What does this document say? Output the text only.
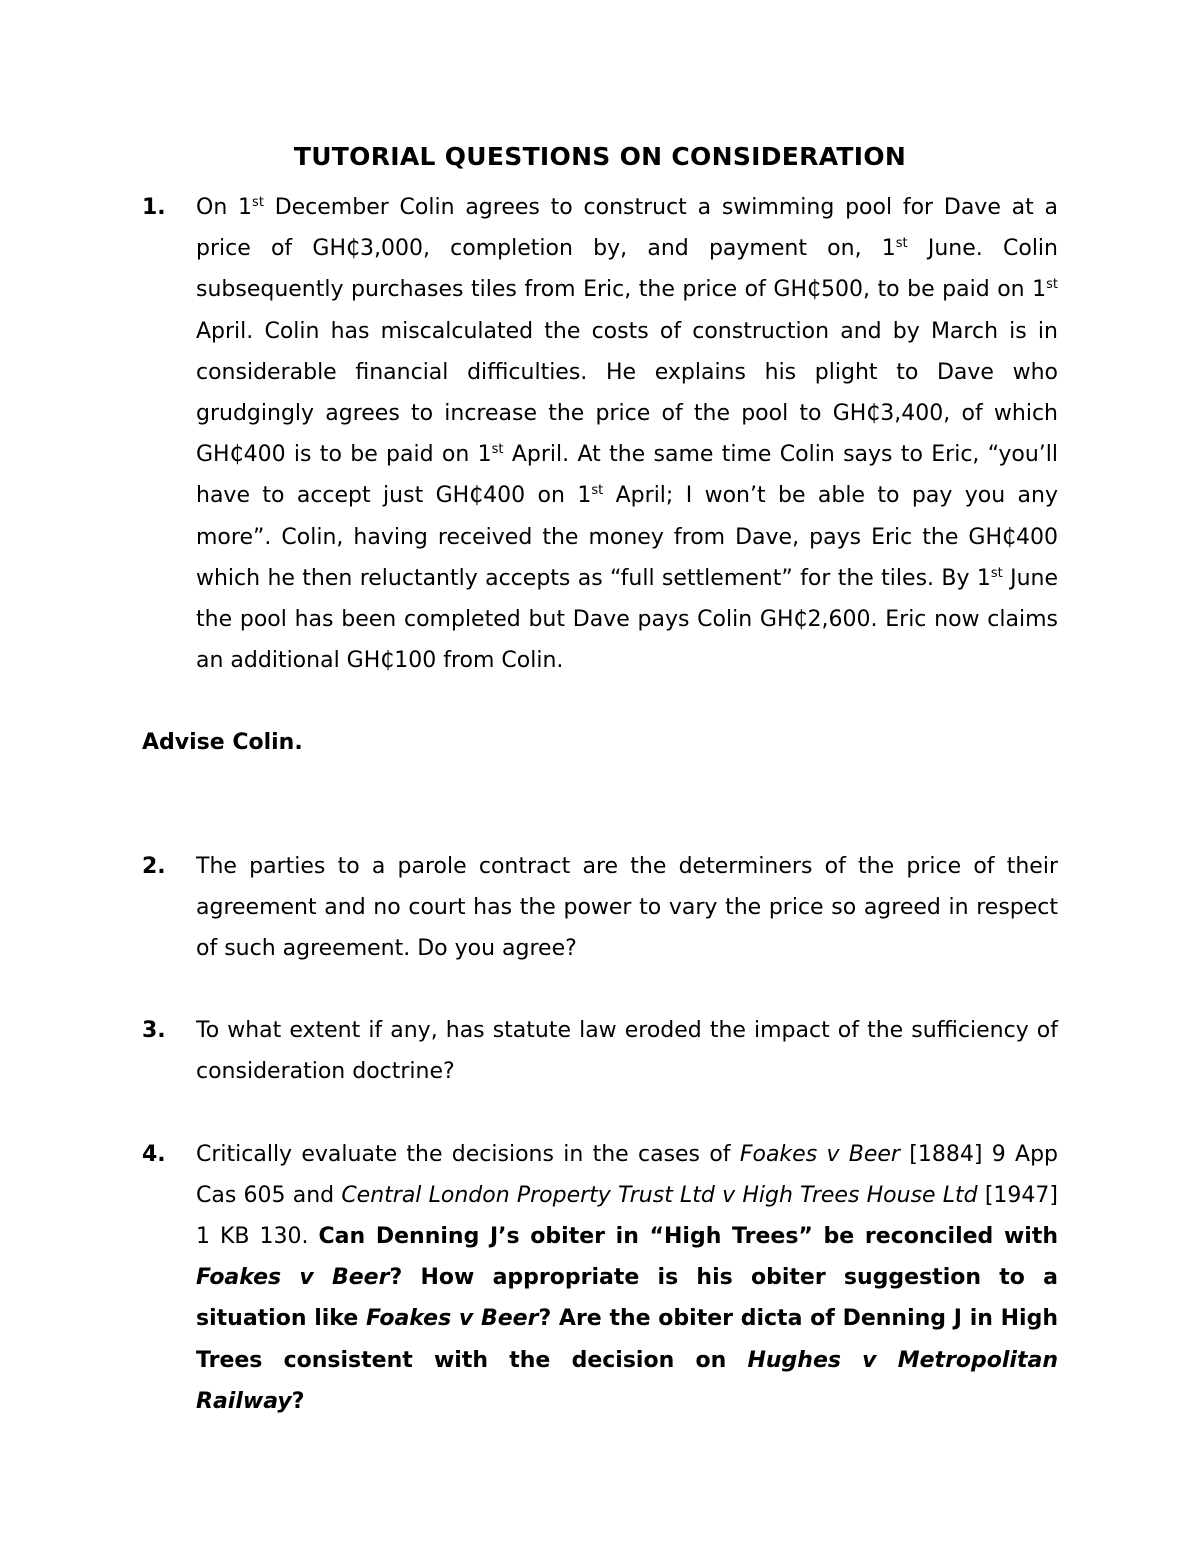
TUTORIAL QUESTIONS ON CONSIDERATION
1.	On 1st December Colin agrees to construct a swimming pool for Dave at a price of GH₵3,000, completion by, and payment on, 1st June. Colin subsequently purchases tiles from Eric, the price of GH₵500, to be paid on 1st April. Colin has miscalculated the costs of construction and by March is in considerable financial difficulties. He explains his plight to Dave who grudgingly agrees to increase the price of the pool to GH₵3,400, of which GH₵400 is to be paid on 1st April. At the same time Colin says to Eric, “you’ll have to accept just GH₵400 on 1st April; I won’t be able to pay you any more”. Colin, having received the money from Dave, pays Eric the GH₵400 which he then reluctantly accepts as “full settlement” for the tiles. By 1st June the pool has been completed but Dave pays Colin GH₵2,600. Eric now claims an additional GH₵100 from Colin.
Advise Colin.
2.	The parties to a parole contract are the determiners of the price of their agreement and no court has the power to vary the price so agreed in respect of such agreement. Do you agree?
3.	To what extent if any, has statute law eroded the impact of the sufficiency of consideration doctrine?
4.	Critically evaluate the decisions in the cases of Foakes v Beer [1884] 9 App Cas 605 and Central London Property Trust Ltd v High Trees House Ltd [1947] 1 KB 130. Can Denning J’s obiter in “High Trees” be reconciled with Foakes v Beer? How appropriate is his obiter suggestion to a situation like Foakes v Beer? Are the obiter dicta of Denning J in High Trees consistent with the decision on Hughes v Metropolitan Railway?
